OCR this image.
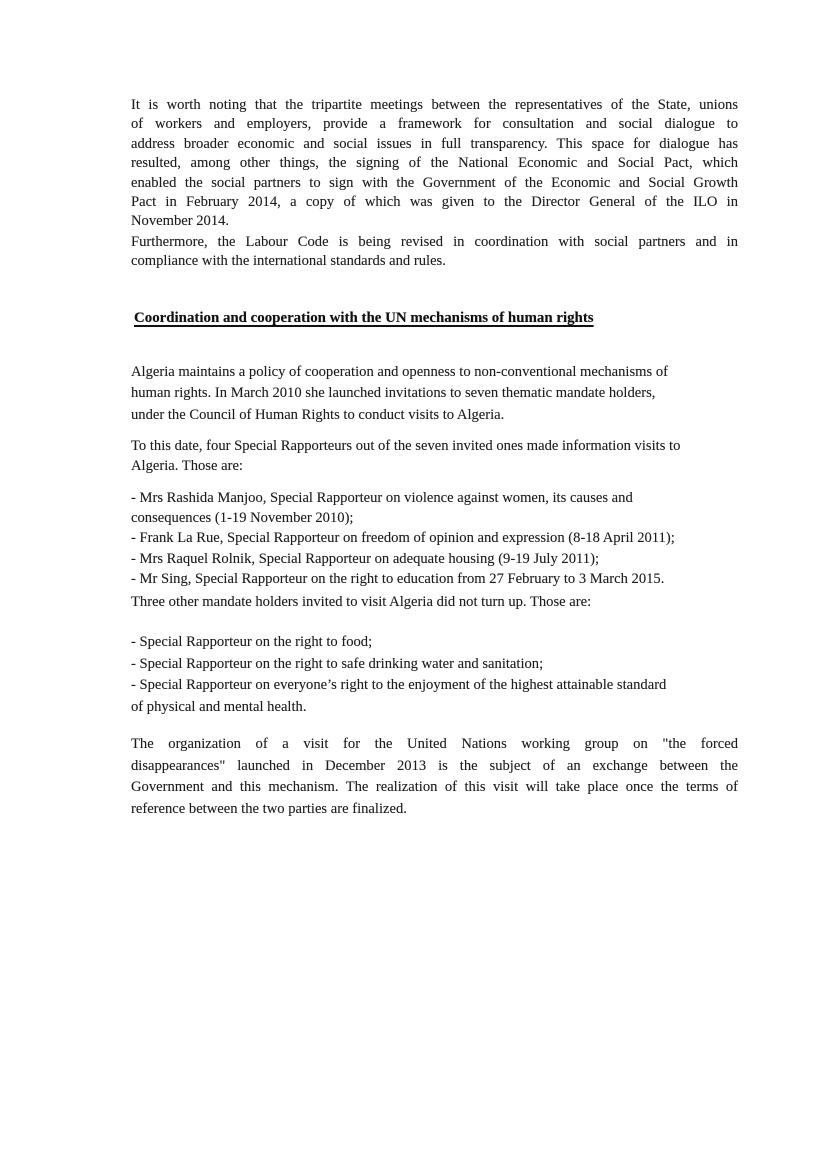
It is worth noting that the tripartite meetings between the representatives of the State, unions
of workers and employers, provide a framework for consultation and social dialogue to
address broader economic and social issues in full transparency. This space for dialogue has
resulted, among other things, the signing of the National Economic and Social Pact, which
enabled the social partners to sign with the Government of the Economic and Social Growth
Pact in February 2014, a copy of which was given to the Director General of the ILO in
November 2014.
Furthermore, the Labour Code is being revised in coordination with social partners and in
compliance with the international standards and rules.
Coordination and cooperation with the UN mechanisms of human rights
Algeria maintains a policy of cooperation and openness to non-conventional mechanisms of
human rights. In March 2010 she launched invitations to seven thematic mandate holders,
under the Council of Human Rights to conduct visits to Algeria.
To this date, four Special Rapporteurs out of the seven invited ones made information visits to
Algeria. Those are:
- Mrs Rashida Manjoo, Special Rapporteur on violence against women, its causes and
consequences (1-19 November 2010);
- Frank La Rue, Special Rapporteur on freedom of opinion and expression (8-18 April 2011);
- Mrs Raquel Rolnik, Special Rapporteur on adequate housing (9-19 July 2011);
- Mr Sing, Special Rapporteur on the right to education from 27 February to 3 March 2015.
Three other mandate holders invited to visit Algeria did not turn up. Those are:
- Special Rapporteur on the right to food;
- Special Rapporteur on the right to safe drinking water and sanitation;
- Special Rapporteur on everyone’s right to the enjoyment of the highest attainable standard
of physical and mental health.
The organization of a visit for the United Nations working group on "the forced
disappearances" launched in December 2013 is the subject of an exchange between the
Government and this mechanism. The realization of this visit will take place once the terms of
reference between the two parties are finalized.
